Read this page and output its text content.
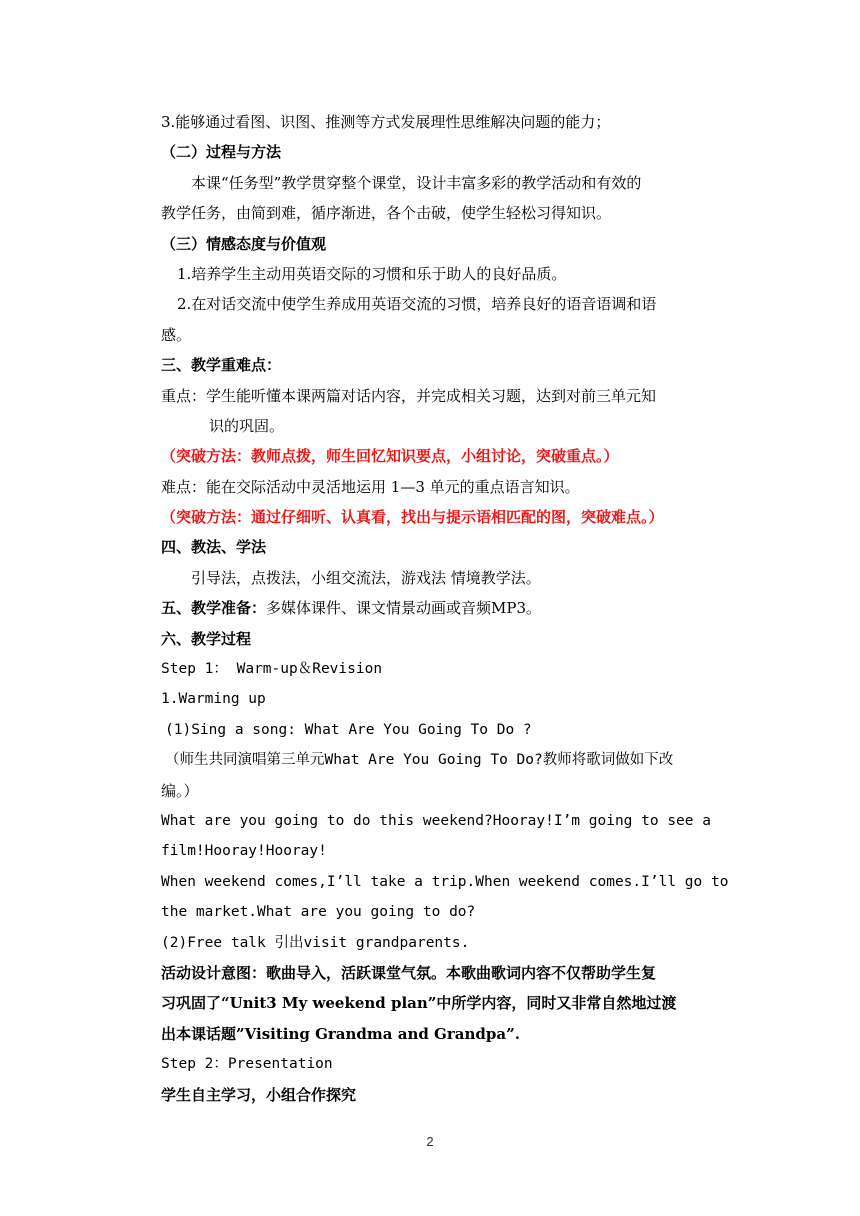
3.能够通过看图、识图、推测等方式发展理性思维解决问题的能力；
（二）过程与方法
本课“任务型”教学贯穿整个课堂，设计丰富多彩的教学活动和有效的
教学任务，由简到难，循序渐进，各个击破，使学生轻松习得知识。
（三）情感态度与价值观
1.培养学生主动用英语交际的习惯和乐于助人的良好品质。
2.在对话交流中使学生养成用英语交流的习惯，培养良好的语音语调和语
感。
三、教学重难点：
重点：学生能听懂本课两篇对话内容，并完成相关习题，达到对前三单元知
识的巩固。
（突破方法：教师点拨，师生回忆知识要点，小组讨论，突破重点。）
难点：能在交际活动中灵活地运用 1—3 单元的重点语言知识。
（突破方法：通过仔细听、认真看，找出与提示语相匹配的图，突破难点。）
四、教法、学法
引导法，点拨法，小组交流法，游戏法 情境教学法。
五、教学准备：多媒体课件、课文情景动画或音频MP3。
六、教学过程
Step 1： Warm-up＆Revision
1.Warming up
(1)Sing a song: What Are You Going To Do ?
（师生共同演唱第三单元What Are You Going To Do?教师将歌词做如下改
编。）
What are you going to do this weekend?Hooray!I’m going to see a
film!Hooray!Hooray!
When weekend comes,I’ll take a trip.When weekend comes.I’ll go to
the market.What are you going to do?
(2)Free talk 引出visit grandparents.
活动设计意图：歌曲导入，活跃课堂气氛。本歌曲歌词内容不仅帮助学生复
习巩固了“Unit3 My weekend plan”中所学内容，同时又非常自然地过渡
出本课话题”Visiting Grandma and Grandpa”.
Step 2：Presentation
学生自主学习，小组合作探究
2
